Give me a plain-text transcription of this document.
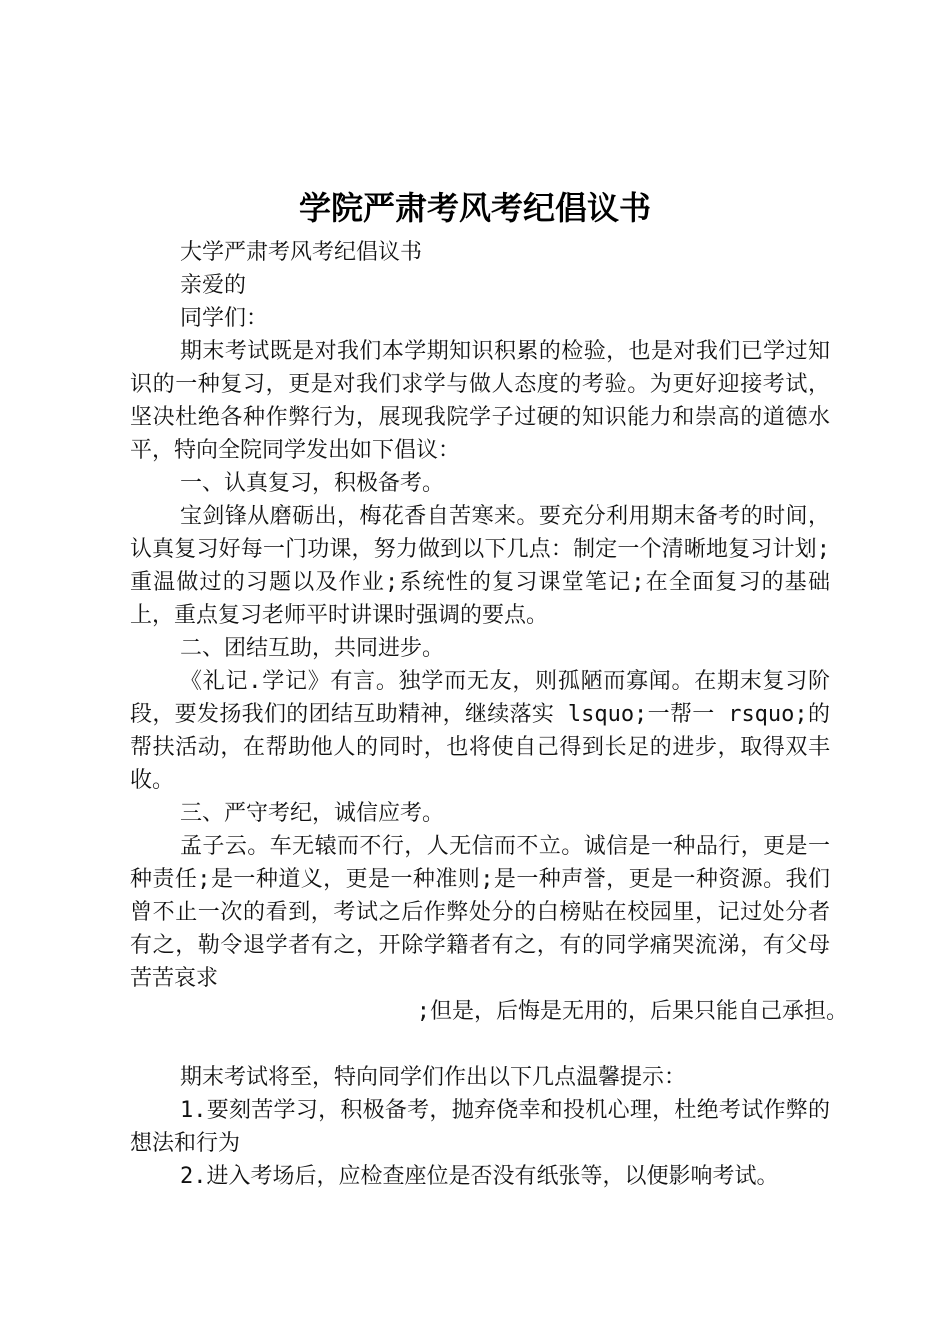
学院严肃考风考纪倡议书

大学严肃考风考纪倡议书

亲爱的

同学们：

期末考试既是对我们本学期知识积累的检验，也是对我们已学过知识的一种复习，更是对我们求学与做人态度的考验。为更好迎接考试，坚决杜绝各种作弊行为，展现我院学子过硬的知识能力和崇高的道德水平，特向全院同学发出如下倡议：

一、认真复习，积极备考。

宝剑锋从磨砺出，梅花香自苦寒来。要充分利用期末备考的时间，认真复习好每一门功课，努力做到以下几点：制定一个清晰地复习计划;重温做过的习题以及作业;系统性的复习课堂笔记;在全面复习的基础上，重点复习老师平时讲课时强调的要点。

二、团结互助，共同进步。

《礼记.学记》有言。独学而无友，则孤陋而寡闻。在期末复习阶段，要发扬我们的团结互助精神，继续落实 lsquo;一帮一 rsquo;的帮扶活动，在帮助他人的同时，也将使自己得到长足的进步，取得双丰收。

三、严守考纪，诚信应考。

孟子云。车无辕而不行，人无信而不立。诚信是一种品行，更是一种责任;是一种道义，更是一种准则;是一种声誉，更是一种资源。我们曾不止一次的看到，考试之后作弊处分的白榜贴在校园里，记过处分者有之，勒令退学者有之，开除学籍者有之，有的同学痛哭流涕，有父母苦苦哀求

;但是，后悔是无用的，后果只能自己承担。

期末考试将至，特向同学们作出以下几点温馨提示：

1.要刻苦学习，积极备考，抛弃侥幸和投机心理，杜绝考试作弊的想法和行为

2.进入考场后，应检查座位是否没有纸张等，以便影响考试。
